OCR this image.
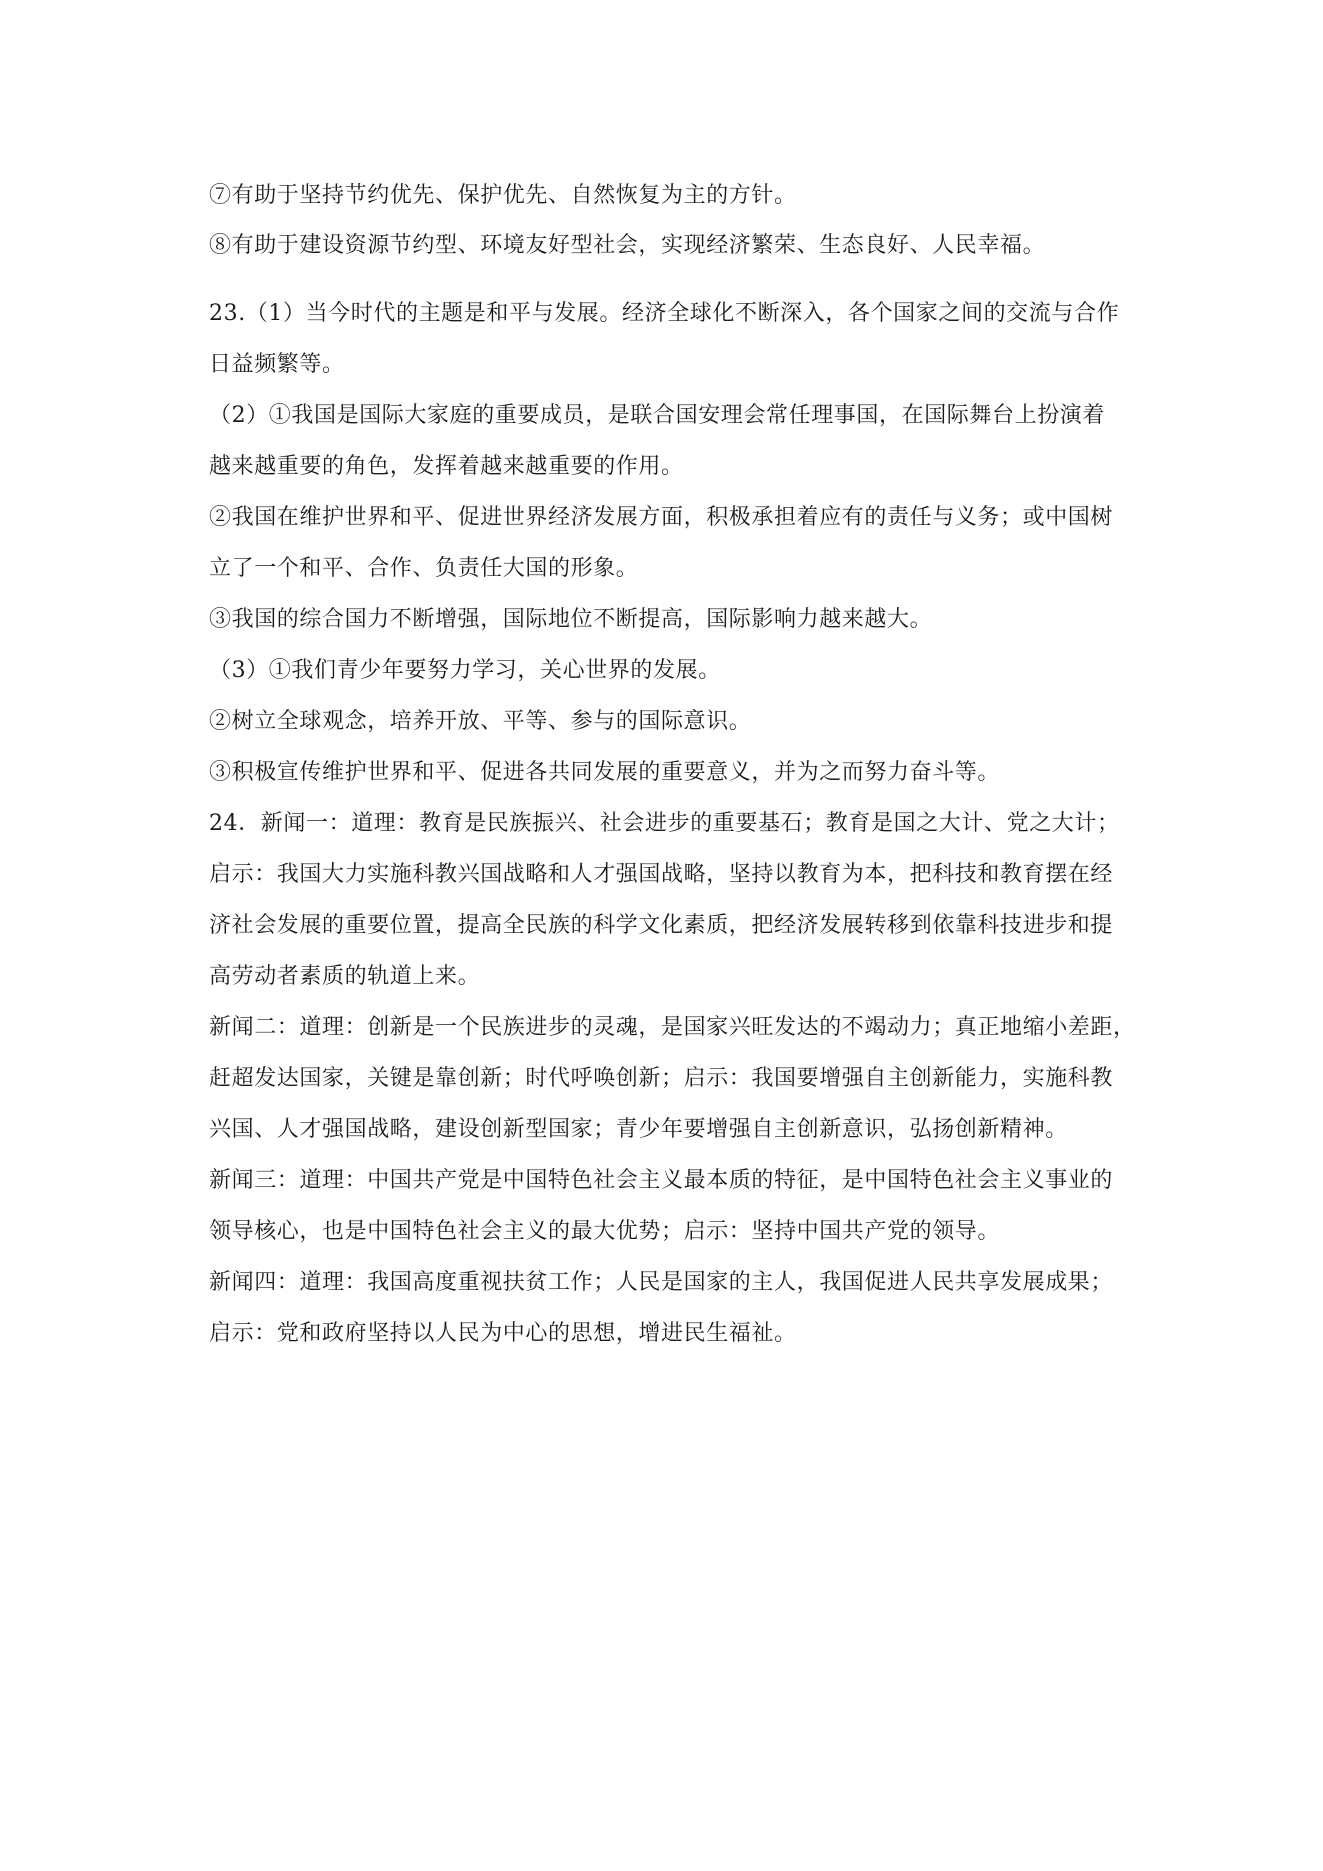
⑦有助于坚持节约优先、保护优先、自然恢复为主的方针。
⑧有助于建设资源节约型、环境友好型社会，实现经济繁荣、生态良好、人民幸福。
23.（1）当今时代的主题是和平与发展。经济全球化不断深入，各个国家之间的交流与合作
日益频繁等。
（2）①我国是国际大家庭的重要成员，是联合国安理会常任理事国，在国际舞台上扮演着
越来越重要的角色，发挥着越来越重要的作用。
②我国在维护世界和平、促进世界经济发展方面，积极承担着应有的责任与义务；或中国树
立了一个和平、合作、负责任大国的形象。
③我国的综合国力不断增强，国际地位不断提高，国际影响力越来越大。
（3）①我们青少年要努力学习，关心世界的发展。
②树立全球观念，培养开放、平等、参与的国际意识。
③积极宣传维护世界和平、促进各共同发展的重要意义，并为之而努力奋斗等。
24．新闻一：道理：教育是民族振兴、社会进步的重要基石；教育是国之大计、党之大计；
启示：我国大力实施科教兴国战略和人才强国战略，坚持以教育为本，把科技和教育摆在经
济社会发展的重要位置，提高全民族的科学文化素质，把经济发展转移到依靠科技进步和提
高劳动者素质的轨道上来。
新闻二：道理：创新是一个民族进步的灵魂，是国家兴旺发达的不竭动力；真正地缩小差距，
赶超发达国家，关键是靠创新；时代呼唤创新；启示：我国要增强自主创新能力，实施科教
兴国、人才强国战略，建设创新型国家；青少年要增强自主创新意识，弘扬创新精神。
新闻三：道理：中国共产党是中国特色社会主义最本质的特征，是中国特色社会主义事业的
领导核心，也是中国特色社会主义的最大优势；启示：坚持中国共产党的领导。
新闻四：道理：我国高度重视扶贫工作；人民是国家的主人，我国促进人民共享发展成果；
启示：党和政府坚持以人民为中心的思想，增进民生福祉。
